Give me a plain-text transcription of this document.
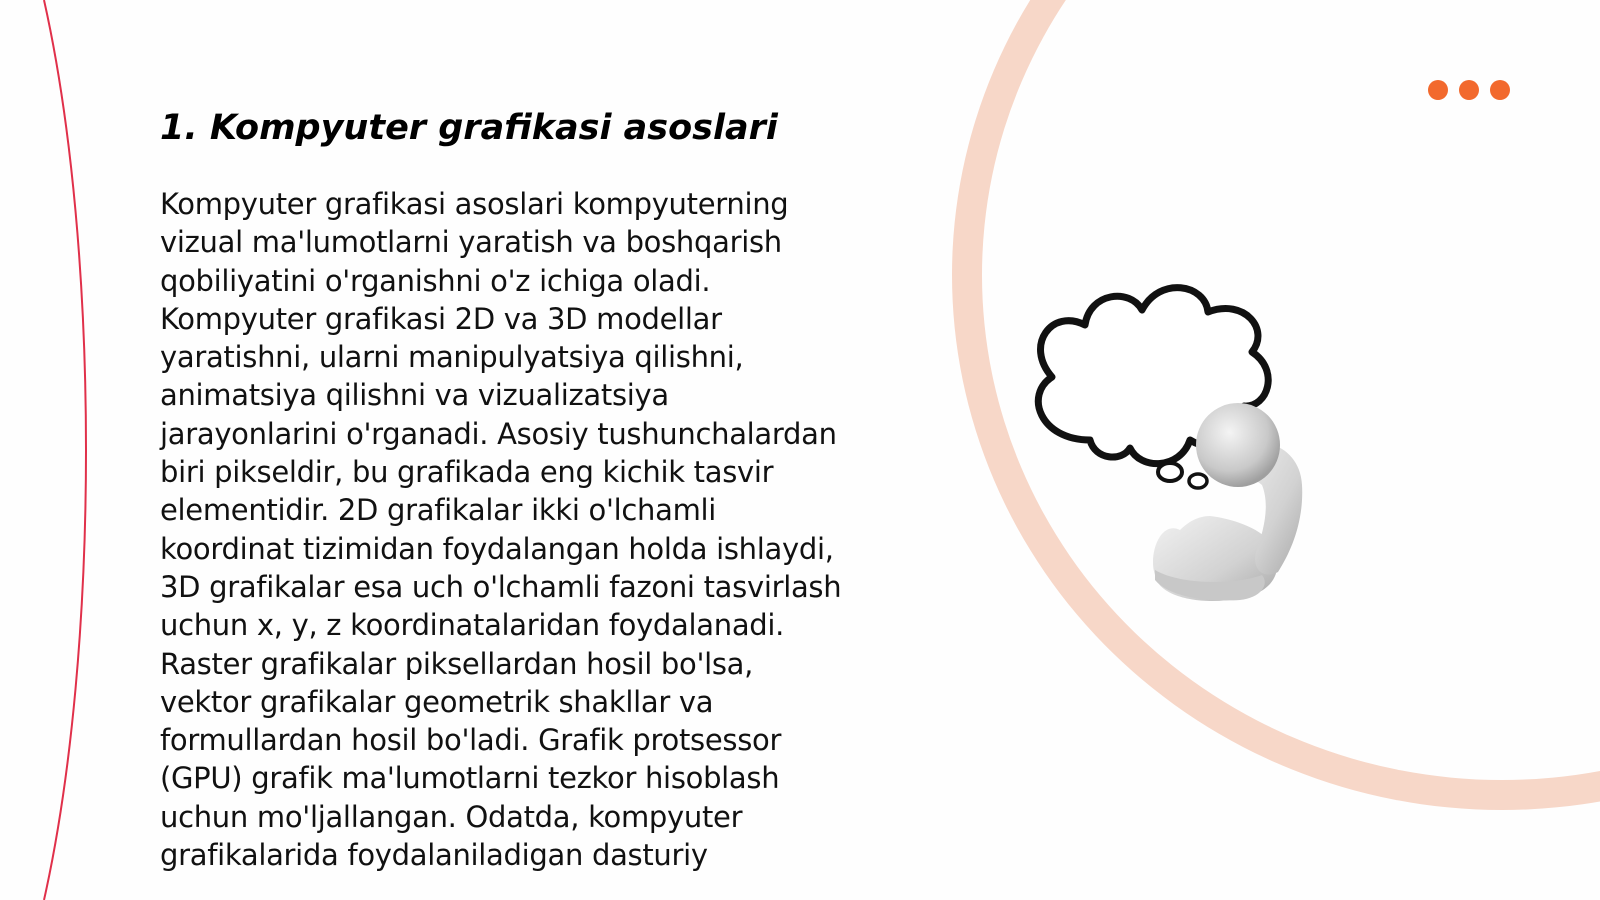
1. Kompyuter grafikasi asoslari

Kompyuter grafikasi asoslari kompyuterning vizual ma'lumotlarni yaratish va boshqarish qobiliyatini o'rganishni o'z ichiga oladi. Kompyuter grafikasi 2D va 3D modellar yaratishni, ularni manipulyatsiya qilishni, animatsiya qilishni va vizualizatsiya jarayonlarini o'rganadi. Asosiy tushunchalardan biri pikseldir, bu grafikada eng kichik tasvir elementidir. 2D grafikalar ikki o'lchamli koordinat tizimidan foydalangan holda ishlaydi, 3D grafikalar esa uch o'lchamli fazoni tasvirlash uchun x, y, z koordinatalaridan foydalanadi. Raster grafikalar piksellardan hosil bo'lsa, vektor grafikalar geometrik shakllar va formullardan hosil bo'ladi. Grafik protsessor (GPU) grafik ma'lumotlarni tezkor hisoblash uchun mo'ljallangan. Odatda, kompyuter grafikalarida foydalaniladigan dasturiy
